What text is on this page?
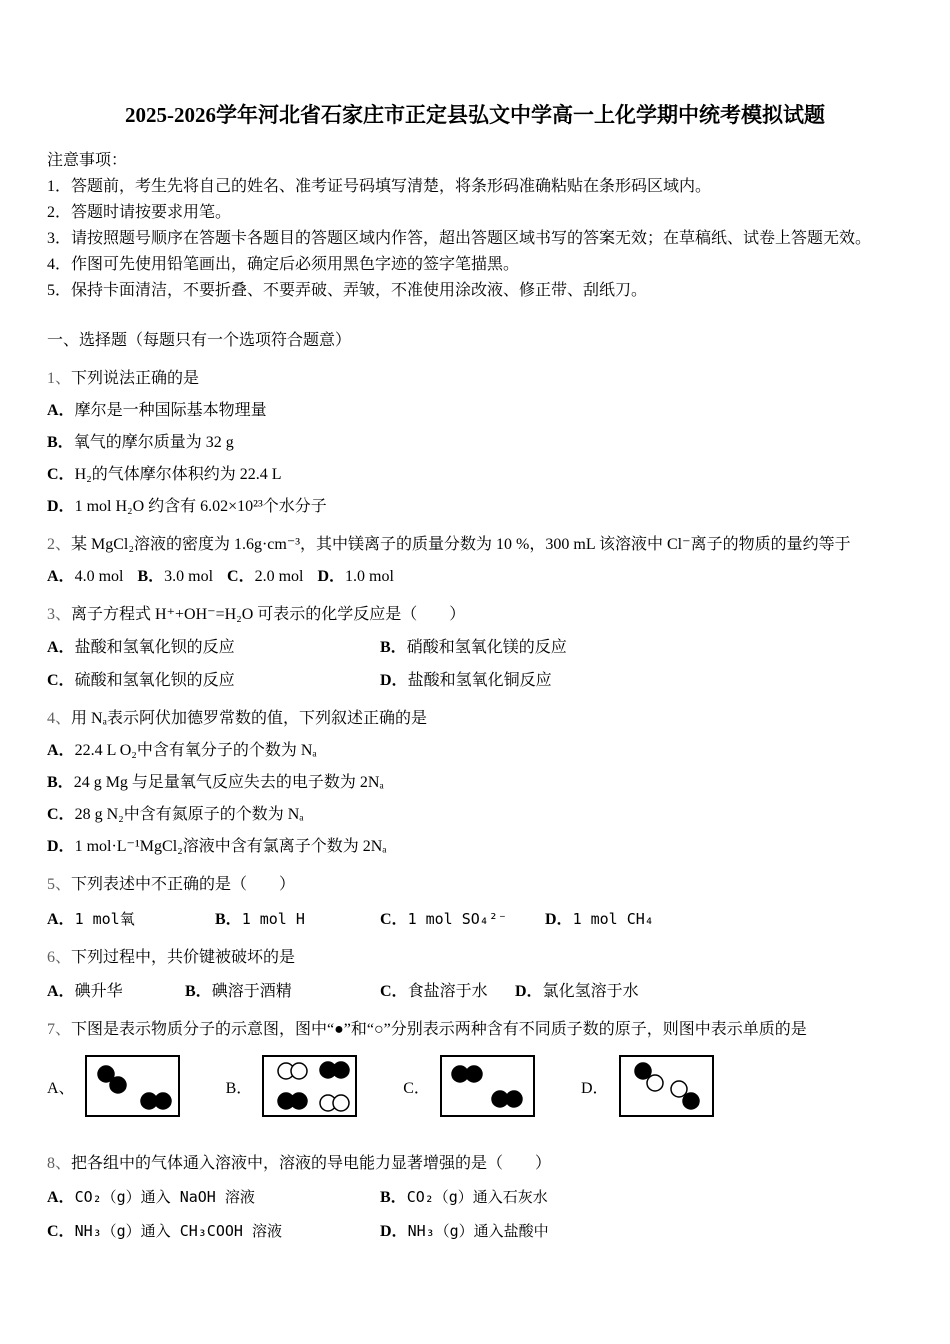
2025-2026学年河北省石家庄市正定县弘文中学高一上化学期中统考模拟试题
注意事项：
1．答题前，考生先将自己的姓名、准考证号码填写清楚，将条形码准确粘贴在条形码区域内。
2．答题时请按要求用笔。
3．请按照题号顺序在答题卡各题目的答题区域内作答，超出答题区域书写的答案无效；在草稿纸、试卷上答题无效。
4．作图可先使用铅笔画出，确定后必须用黑色字迹的签字笔描黑。
5．保持卡面清洁，不要折叠、不要弄破、弄皱，不准使用涂改液、修正带、刮纸刀。
一、选择题（每题只有一个选项符合题意）
1、下列说法正确的是
A．摩尔是一种国际基本物理量
B．氧气的摩尔质量为 32 g
C．H₂的气体摩尔体积约为 22.4 L
D．1 mol H₂O 约含有 6.02×10²³个水分子
2、某 MgCl₂溶液的密度为 1.6g·cm⁻³，其中镁离子的质量分数为 10 %，300 mL 该溶液中 Cl⁻离子的物质的量约等于
A．4.0 mol B．3.0 mol C．2.0 mol D．1.0 mol
3、离子方程式 H⁺+OH⁻=H₂O 可表示的化学反应是（　　）
A．盐酸和氢氧化钡的反应	B．硝酸和氢氧化镁的反应
C．硫酸和氢氧化钡的反应	D．盐酸和氢氧化铜反应
4、用 Nₐ表示阿伏加德罗常数的值，下列叙述正确的是
A．22.4 L O₂中含有氧分子的个数为 Nₐ
B．24 g Mg 与足量氧气反应失去的电子数为 2Nₐ
C．28 g N₂中含有氮原子的个数为 Nₐ
D．1 mol·L⁻¹MgCl₂溶液中含有氯离子个数为 2Nₐ
5、下列表述中不正确的是（　　）
A．1 mol氧	B．1 mol H	C．1 mol SO₄²⁻	D．1 mol CH₄
6、下列过程中，共价键被破坏的是
A．碘升华	B．碘溶于酒精	C．食盐溶于水	D．氯化氢溶于水
7、下图是表示物质分子的示意图，图中“●”和“○”分别表示两种含有不同质子数的原子，则图中表示单质的是
A、	B．	C．	D．
8、把各组中的气体通入溶液中，溶液的导电能力显著增强的是（　　）
A．CO₂（g）通入 NaOH 溶液	B．CO₂（g）通入石灰水
C．NH₃（g）通入 CH₃COOH 溶液	D．NH₃（g）通入盐酸中
